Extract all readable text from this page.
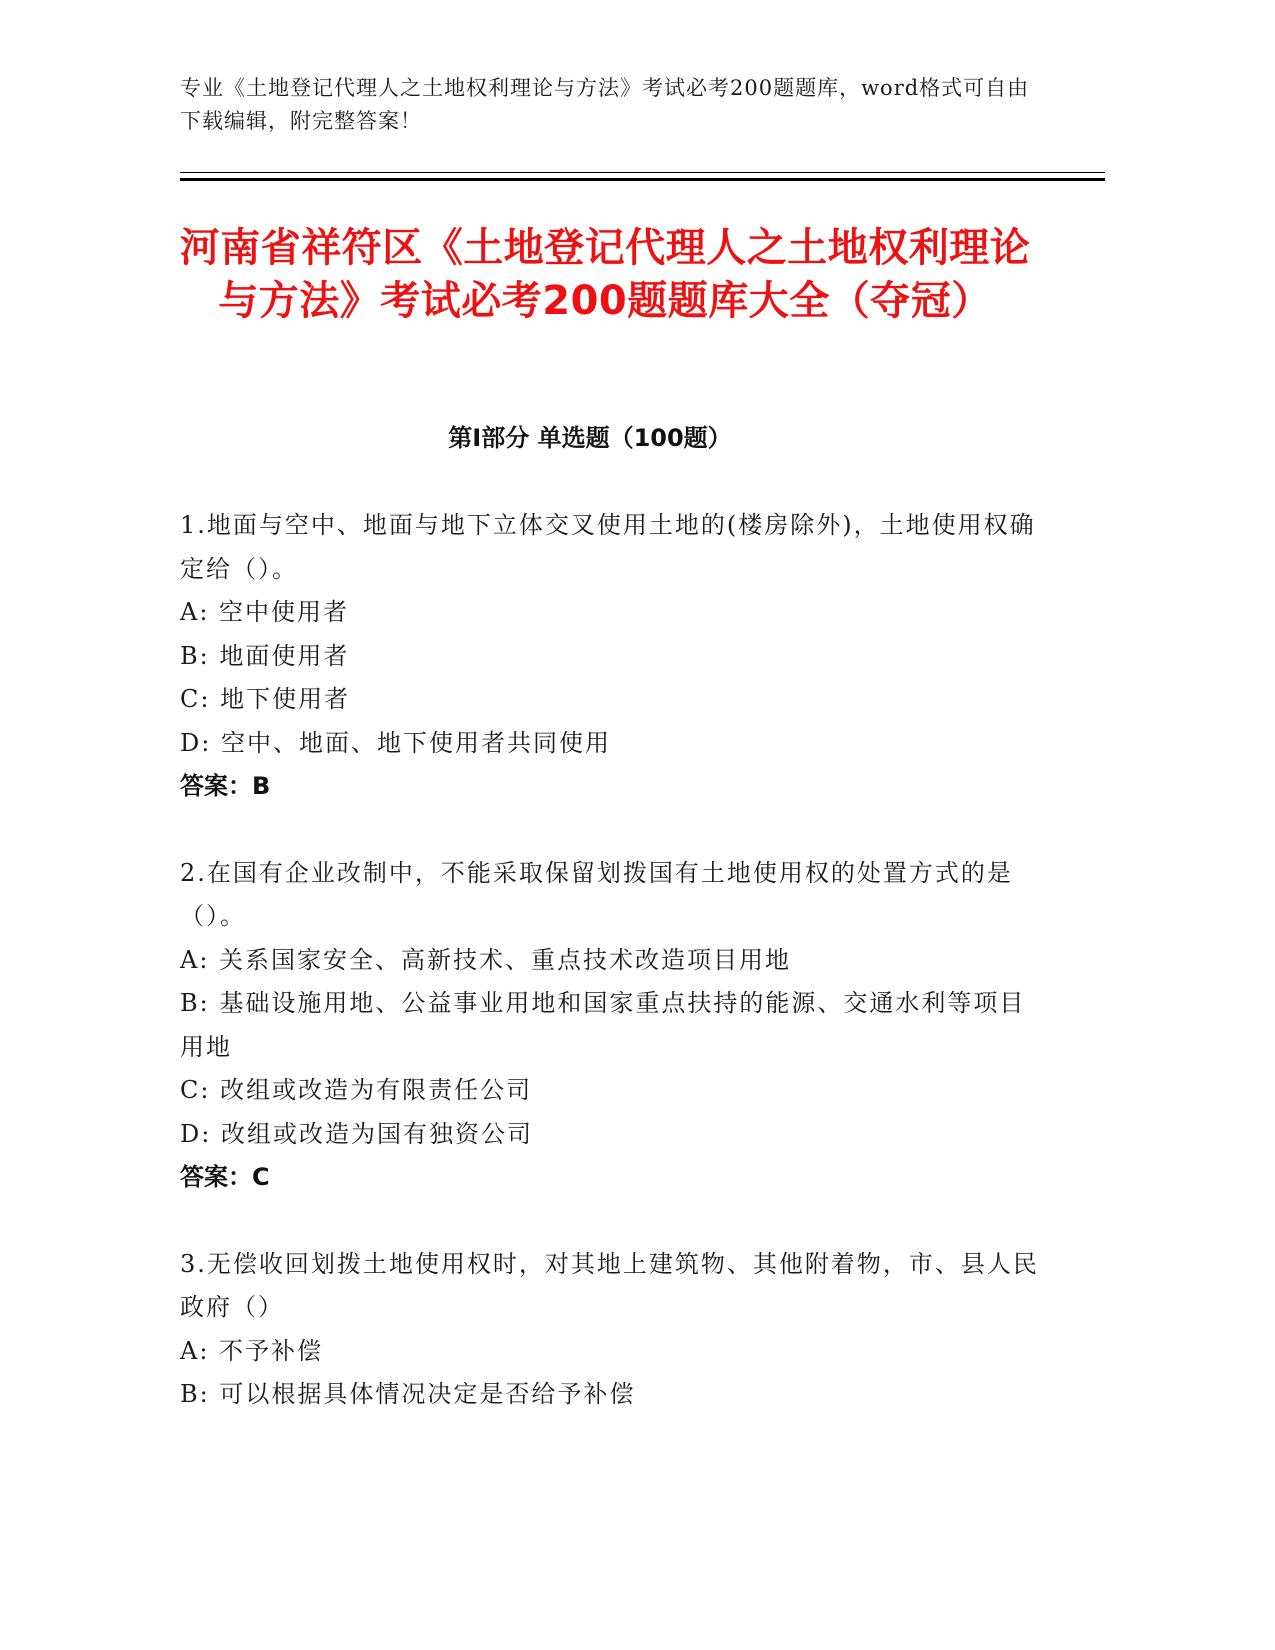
专业《土地登记代理人之土地权利理论与方法》考试必考200题题库，word格式可自由下载编辑，附完整答案！
河南省祥符区《土地登记代理人之土地权利理论与方法》考试必考200题题库大全（夺冠）
第I部分 单选题（100题）
1.地面与空中、地面与地下立体交叉使用土地的(楼房除外)，土地使用权确定给（）。
A: 空中使用者
B: 地面使用者
C: 地下使用者
D: 空中、地面、地下使用者共同使用
答案：B
2.在国有企业改制中，不能采取保留划拨国有土地使用权的处置方式的是（）。
A: 关系国家安全、高新技术、重点技术改造项目用地
B: 基础设施用地、公益事业用地和国家重点扶持的能源、交通水利等项目用地
C: 改组或改造为有限责任公司
D: 改组或改造为国有独资公司
答案：C
3.无偿收回划拨土地使用权时，对其地上建筑物、其他附着物，市、县人民政府（）
A: 不予补偿
B: 可以根据具体情况决定是否给予补偿
